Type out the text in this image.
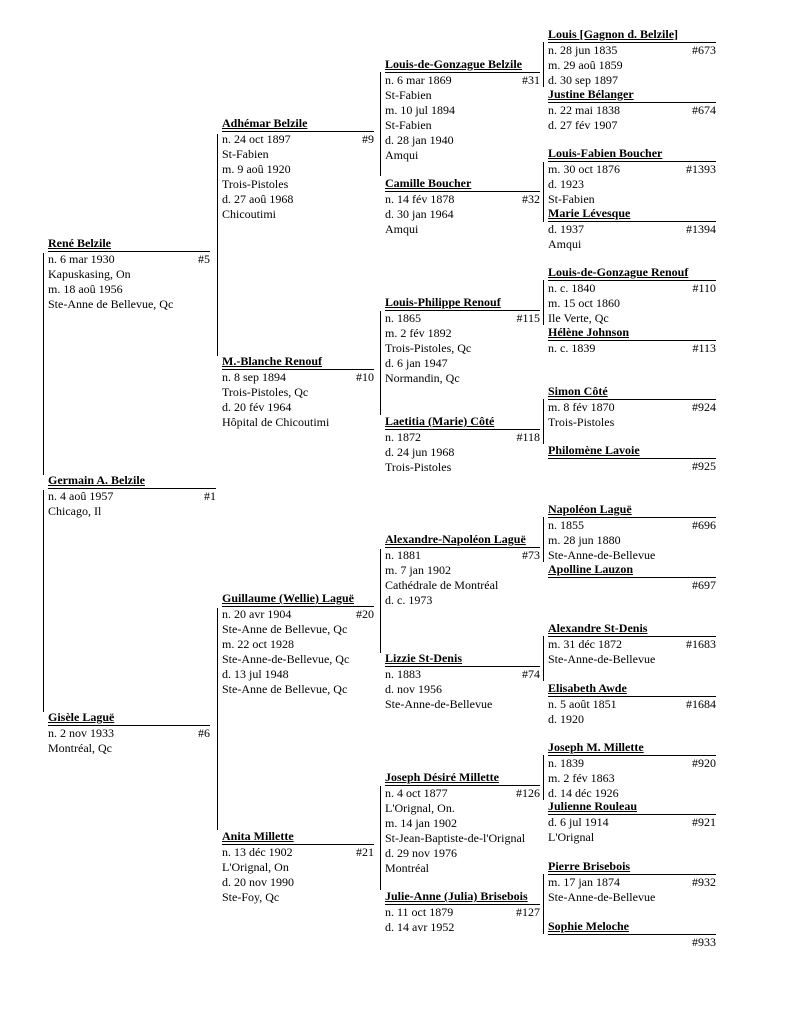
Louis [Gagnon d. Belzile]
n. 28 jun 1835	#673
m. 29 aoû 1859
d. 30 sep 1897
Justine Bélanger
n. 22 mai 1838	#674
d. 27 fév 1907
Louis-de-Gonzague Belzile
n. 6 mar 1869	#31
St-Fabien
m. 10 jul 1894
St-Fabien
d. 28 jan 1940
Amqui
Adhémar Belzile
n. 24 oct 1897	#9
St-Fabien
m. 9 aoû 1920
Trois-Pistoles
d. 27 aoû 1968
Chicoutimi
Louis-Fabien Boucher
m. 30 oct 1876	#1393
d. 1923
St-Fabien
Camille Boucher
n. 14 fév 1878	#32
d. 30 jan 1964
Amqui
Marie Lévesque
d. 1937	#1394
Amqui
René Belzile
n. 6 mar 1930	#5
Kapuskasing, On
m. 18 aoû 1956
Ste-Anne de Bellevue, Qc
Louis-de-Gonzague Renouf
n. c. 1840	#110
m. 15 oct 1860
Ile Verte, Qc
Louis-Philippe Renouf
n. 1865	#115
m. 2 fév 1892
Trois-Pistoles, Qc
d. 6 jan 1947
Normandin, Qc
Hélène Johnson
n. c. 1839	#113
M.-Blanche Renouf
n. 8 sep 1894	#10
Trois-Pistoles, Qc
d. 20 fév 1964
Hôpital de Chicoutimi
Simon Côté
m. 8 fév 1870	#924
Trois-Pistoles
Laetitia (Marie) Côté
n. 1872	#118
d. 24 jun 1968
Trois-Pistoles
Philomène Lavoie
#925
Germain A. Belzile
n. 4 aoû 1957	#1
Chicago, Il	Napoléon Laguë
n. 1855	#696
m. 28 jun 1880
Ste-Anne-de-Bellevue
Alexandre-Napoléon Laguë
n. 1881	#73
m. 7 jan 1902
Cathédrale de Montréal
d. c. 1973
Apolline Lauzon
#697
Guillaume (Wellie) Laguë
n. 20 avr 1904	#20
Ste-Anne de Bellevue, Qc
m. 22 oct 1928
Ste-Anne-de-Bellevue, Qc
d. 13 jul 1948
Ste-Anne de Bellevue, Qc
Alexandre St-Denis
m. 31 déc 1872	#1683
Ste-Anne-de-Bellevue
Lizzie St-Denis
n. 1883	#74
d. nov 1956
Ste-Anne-de-Bellevue
Elisabeth Awde
n. 5 août 1851	#1684
d. 1920
Gisèle Laguë
n. 2 nov 1933	#6
Montréal, Qc	Joseph M. Millette
n. 1839	#920
m. 2 fév 1863
d. 14 déc 1926
Joseph Désiré Millette
n. 4 oct 1877	#126
L'Orignal, On.
m. 14 jan 1902
St-Jean-Baptiste-de-l'Orignal
d. 29 nov 1976
Montréal
Julienne Rouleau
d. 6 jul 1914	#921
L'Orignal
Anita Millette
n. 13 déc 1902	#21
L'Orignal, On
d. 20 nov 1990
Ste-Foy, Qc
Pierre Brisebois
m. 17 jan 1874	#932
Ste-Anne-de-Bellevue
Julie-Anne (Julia) Brisebois
n. 11 oct 1879	#127
d. 14 avr 1952	Sophie Meloche
#933
